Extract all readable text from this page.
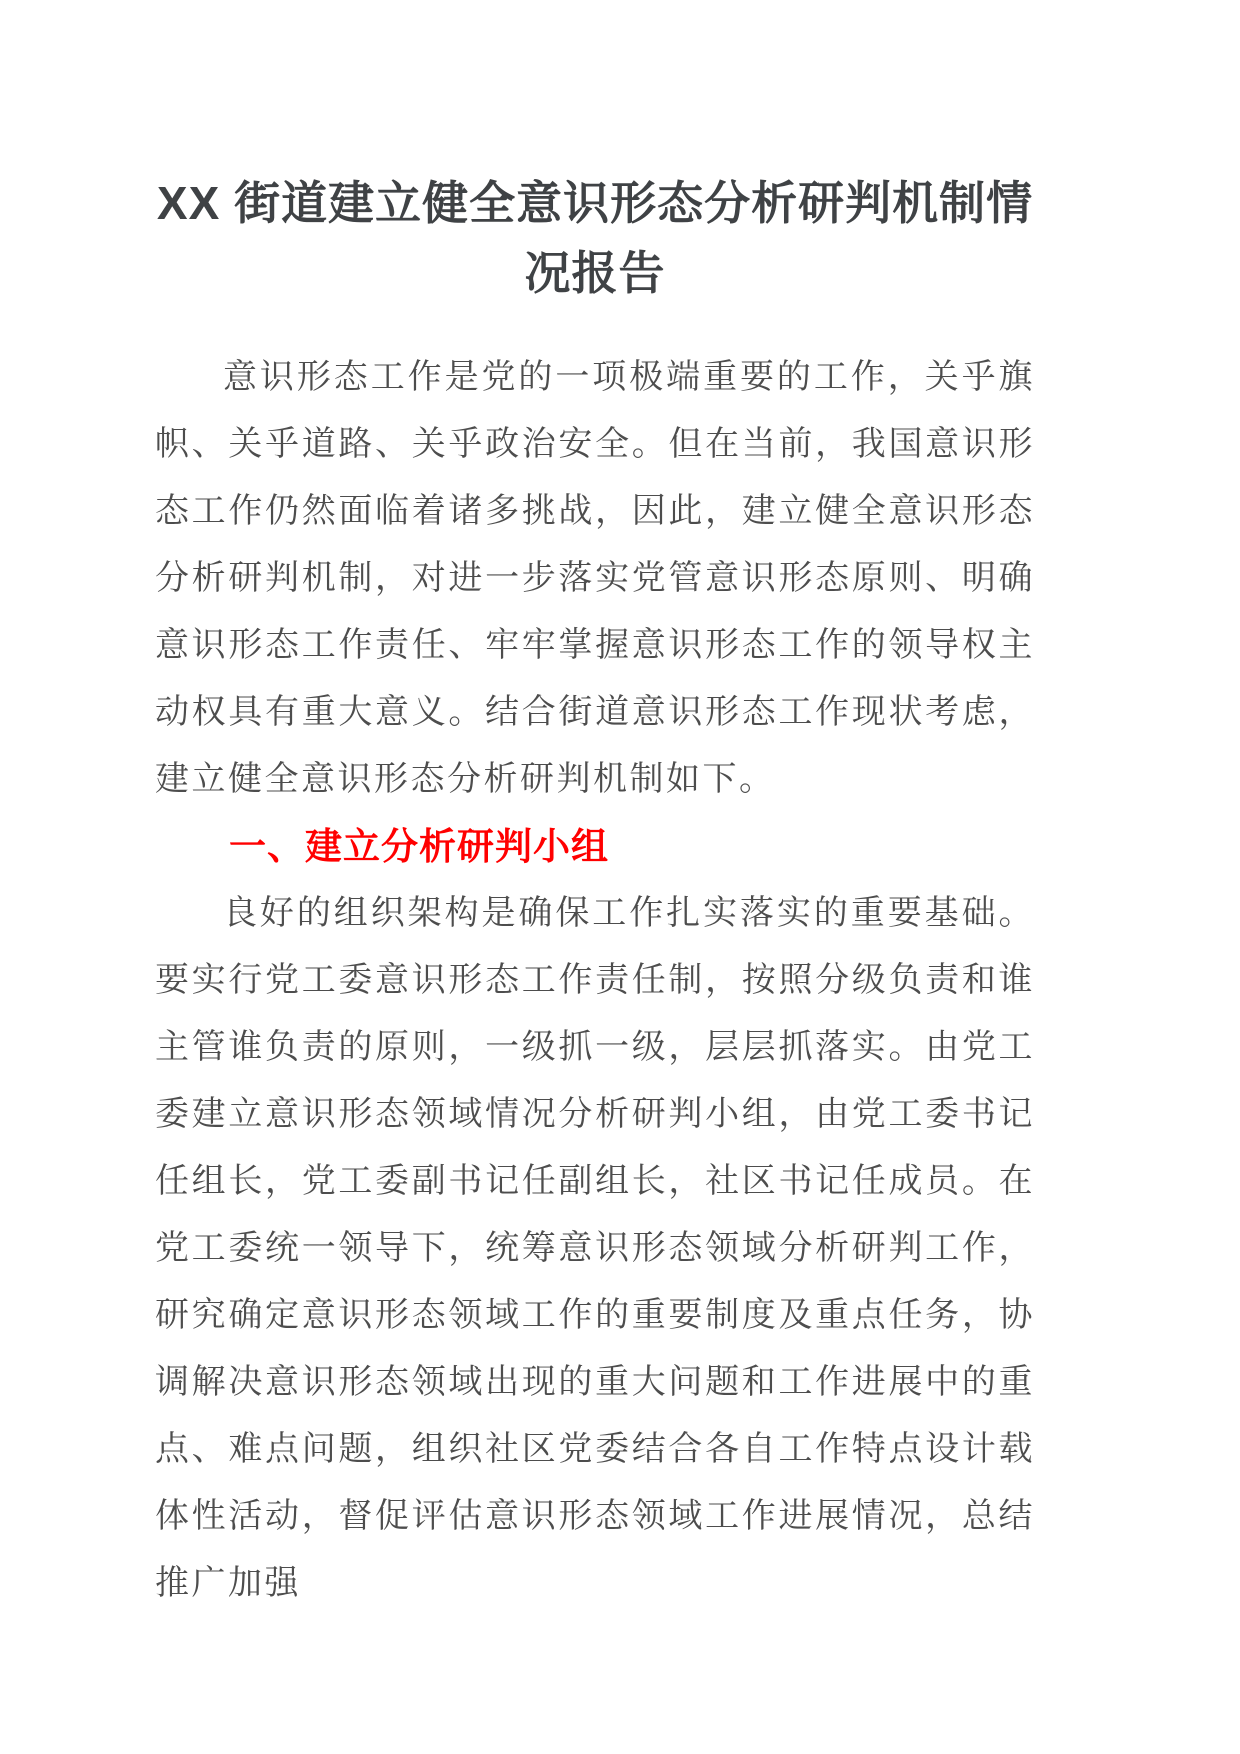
XX 街道建立健全意识形态分析研判机制情况报告

意识形态工作是党的一项极端重要的工作，关乎旗帜、关乎道路、关乎政治安全。但在当前，我国意识形态工作仍然面临着诸多挑战，因此，建立健全意识形态分析研判机制，对进一步落实党管意识形态原则、明确意识形态工作责任、牢牢掌握意识形态工作的领导权主动权具有重大意义。结合街道意识形态工作现状考虑，建立健全意识形态分析研判机制如下。

一、建立分析研判小组

良好的组织架构是确保工作扎实落实的重要基础。要实行党工委意识形态工作责任制，按照分级负责和谁主管谁负责的原则，一级抓一级，层层抓落实。由党工委建立意识形态领域情况分析研判小组，由党工委书记任组长，党工委副书记任副组长，社区书记任成员。在党工委统一领导下，统筹意识形态领域分析研判工作，研究确定意识形态领域工作的重要制度及重点任务，协调解决意识形态领域出现的重大问题和工作进展中的重点、难点问题，组织社区党委结合各自工作特点设计载体性活动，督促评估意识形态领域工作进展情况，总结推广加强
